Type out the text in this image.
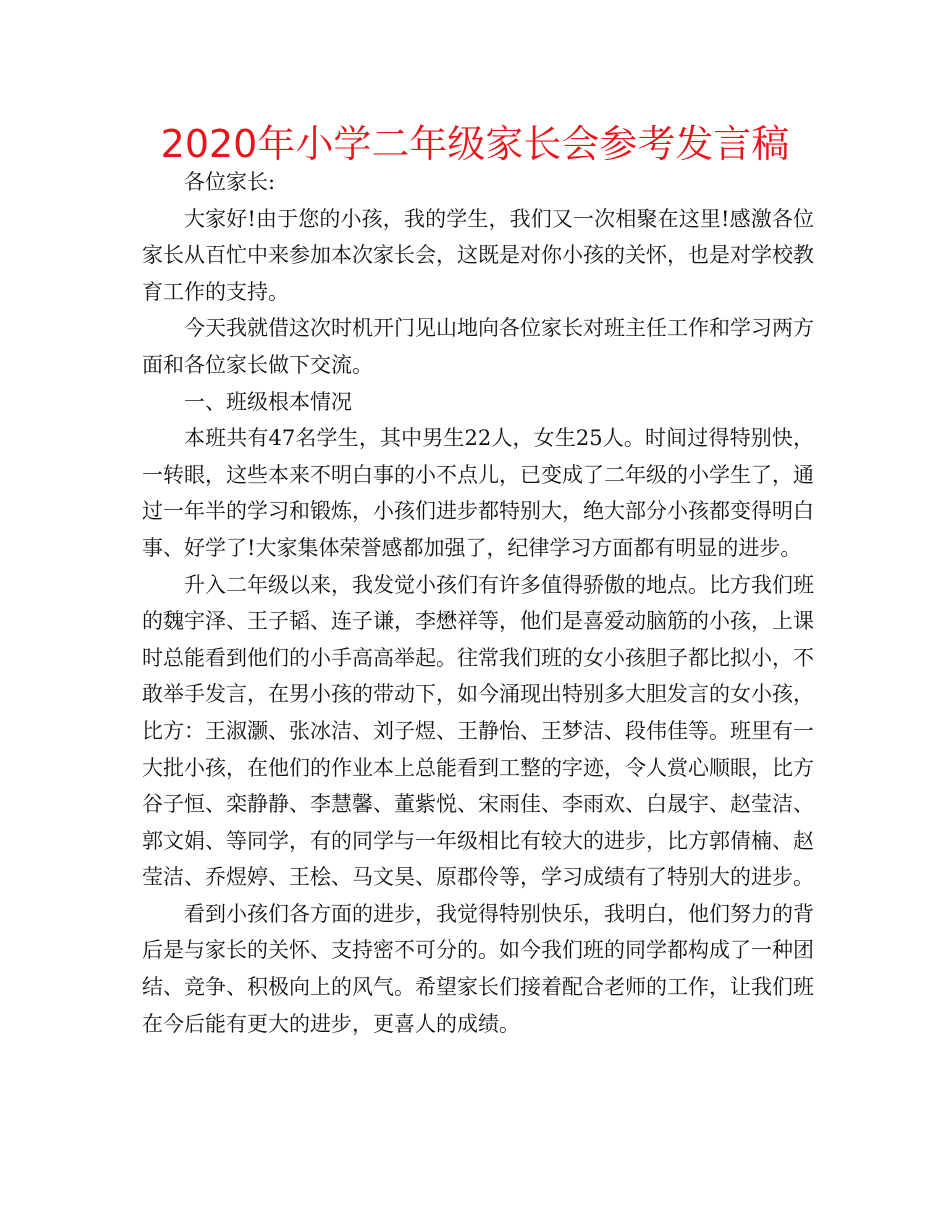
2020年小学二年级家长会参考发言稿

各位家长:

大家好!由于您的小孩，我的学生，我们又一次相聚在这里!感激各位家长从百忙中来参加本次家长会，这既是对你小孩的关怀，也是对学校教育工作的支持。

今天我就借这次时机开门见山地向各位家长对班主任工作和学习两方面和各位家长做下交流。

一、班级根本情况

本班共有47名学生，其中男生22人，女生25人。时间过得特别快，一转眼，这些本来不明白事的小不点儿，已变成了二年级的小学生了，通过一年半的学习和锻炼，小孩们进步都特别大，绝大部分小孩都变得明白事、好学了!大家集体荣誉感都加强了，纪律学习方面都有明显的进步。

升入二年级以来，我发觉小孩们有许多值得骄傲的地点。比方我们班的魏宇泽、王子韬、连子谦，李懋祥等，他们是喜爱动脑筋的小孩，上课时总能看到他们的小手高高举起。往常我们班的女小孩胆子都比拟小，不敢举手发言，在男小孩的带动下，如今涌现出特别多大胆发言的女小孩，比方：王淑灏、张冰洁、刘子煜、王静怡、王梦洁、段伟佳等。班里有一大批小孩，在他们的作业本上总能看到工整的字迹，令人赏心顺眼，比方谷子恒、栾静静、李慧馨、董紫悦、宋雨佳、李雨欢、白晟宇、赵莹洁、郭文娟、等同学，有的同学与一年级相比有较大的进步，比方郭倩楠、赵莹洁、乔煜婷、王桧、马文昊、原郡伶等，学习成绩有了特别大的进步。

看到小孩们各方面的进步，我觉得特别快乐，我明白，他们努力的背后是与家长的关怀、支持密不可分的。如今我们班的同学都构成了一种团结、竞争、积极向上的风气。希望家长们接着配合老师的工作，让我们班在今后能有更大的进步，更喜人的成绩。
